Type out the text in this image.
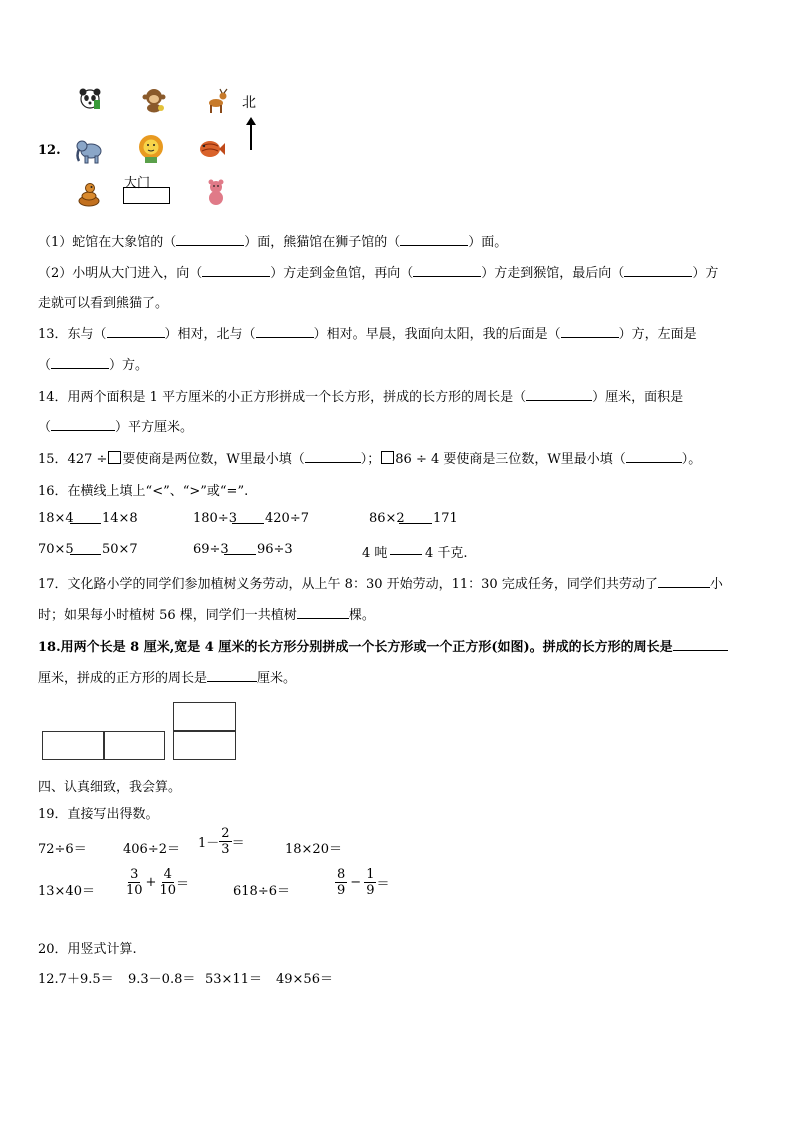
北
12.
大门
（1）蛇馆在大象馆的（	）面，熊猫馆在狮子馆的（	）面。
（2）小明从大门进入，向（	）方走到金鱼馆，再向（	）方走到猴馆，最后向（	）方
走就可以看到熊猫了。
13．东与（	）相对，北与（	）相对。早晨，我面向太阳，我的后面是（	）方，左面是
（	）方。
14．用两个面积是 1 平方厘米的小正方形拼成一个长方形，拼成的长方形的周长是（	）厘米，面积是
（	）平方厘米。
15．427 ÷ 要使商是两位数，W里最小填（	）； 86 ÷ 4 要使商是三位数，W里最小填（	）。
16．在横线上填上“<”、“>”或“=”.
18×4 14×8	180÷3 420÷7	86×2 171
70×5 50×7	69÷3 96÷3	4 吨	4 千克.
17．文化路小学的同学们参加植树义务劳动，从上午 8：30 开始劳动，11：30 完成任务，同学们共劳动了	小
时；如果每小时植树 56 棵，同学们一共植树	棵。
18.用两个长是 8 厘米,宽是 4 厘米的长方形分别拼成一个长方形或一个正方形(如图)。拼成的长方形的周长是
厘米，拼成的正方形的周长是	厘米。
四、认真细致，我会算。
19．直接写出得数。
72÷6＝	$406\div 2= 1- \frac{2}{3}$ ＝	18×20＝
$13\times 40= \frac{3}{10} + \frac{4}{10}$ ＝	618÷6＝	$\frac{8}{9} - \frac{1}{9}$ ＝
20．用竖式计算.
12.7＋9.5＝ 9.3－0.8＝ 53×11＝ 49×56＝
